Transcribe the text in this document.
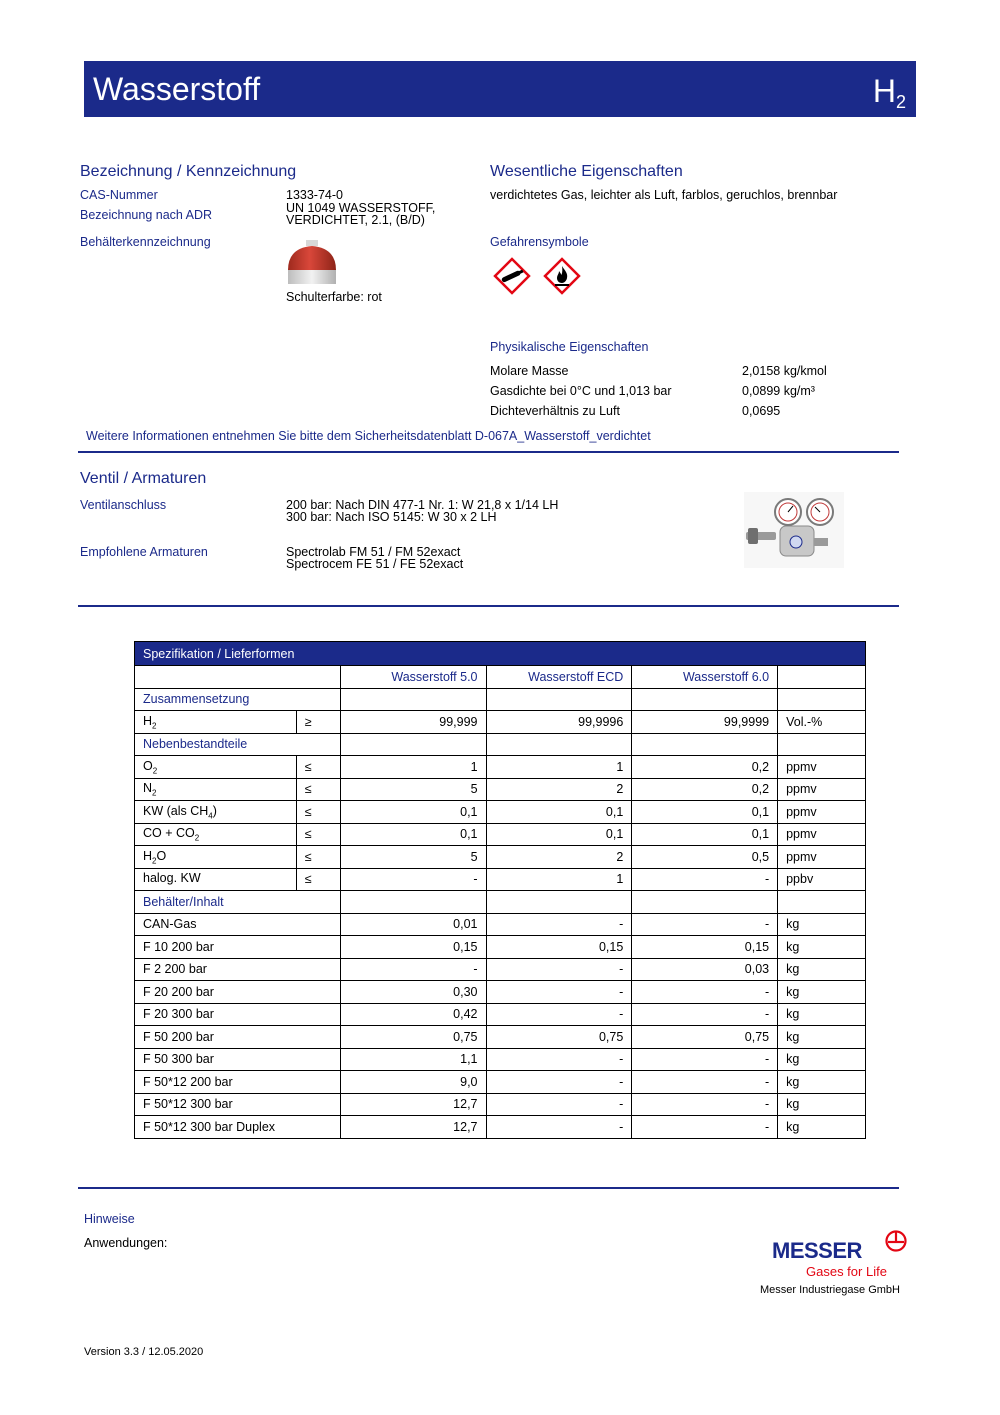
Wasserstoff	$H_2$
Bezeichnung / Kennzeichnung
CAS-Nummer	1333-74-0
Bezeichnung nach ADR	UN 1049 WASSERSTOFF,
VERDICHTET, 2.1, (B/D)
Behälterkennzeichnung
Schulterfarbe: rot
Wesentliche Eigenschaften
verdichtetes Gas, leichter als Luft, farblos, geruchlos, brennbar
Gefahrensymbole
Physikalische Eigenschaften
Molare Masse	2,0158 kg/kmol
Gasdichte bei 0°C und 1,013 bar	0,0899 kg/m³
Dichteverhältnis zu Luft	0,0695
Weitere Informationen entnehmen Sie bitte dem Sicherheitsdatenblatt D-067A_Wasserstoff_verdichtet
Ventil / Armaturen
Ventilanschluss	200 bar: Nach DIN 477-1 Nr. 1: W 21,8 x 1/14 LH
300 bar: Nach ISO 5145: W 30 x 2 LH
Empfohlene Armaturen	Spectrolab FM 51 / FM 52exact
Spectrocem FE 51 / FE 52exact
Spezifikation / Lieferformen					
		Wasserstoff 5.0	Wasserstoff ECD	Wasserstoff 6.0	
Zusammensetzung					
$H_2$	≥	99,999	99,9996	99,9999	Vol.-%
Nebenbestandteile					
$O_2$	≤	1	1	0,2	ppmv
$N_2$	≤	5	2	0,2	ppmv
KW (als $CH_4$)	≤	0,1	0,1	0,1	ppmv
CO + $CO_2$	≤	0,1	0,1	0,1	ppmv
$H_2O$	≤	5	2	0,5	ppmv
halog. KW	≤	-	1	-	ppbv
Behälter/Inhalt					
CAN-Gas		0,01	-	-	kg
F 10 200 bar		0,15	0,15	0,15	kg
F 2 200 bar		-	-	0,03	kg
F 20 200 bar		0,30	-	-	kg
F 20 300 bar		0,42	-	-	kg
F 50 200 bar		0,75	0,75	0,75	kg
F 50 300 bar		1,1	-	-	kg
F 50*12 200 bar		9,0	-	-	kg
F 50*12 300 bar		12,7	-	-	kg
F 50*12 300 bar Duplex		12,7	-	-	kg
Hinweise
Anwendungen:	MESSER
Gases for Life
Messer Industriegase GmbH
Version 3.3 / 12.05.2020
